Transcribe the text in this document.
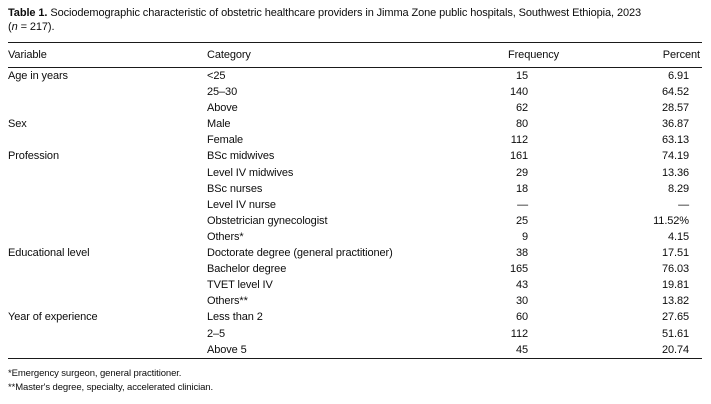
Table 1. Sociodemographic characteristic of obstetric healthcare providers in Jimma Zone public hospitals, Southwest Ethiopia, 2023
(n = 217).
Variable	Category	Frequency	Percent
Age in years	<25	15	6.91
	25–30	140	64.52
	Above	62	28.57
Sex	Male	80	36.87
	Female	112	63.13
Profession	BSc midwives	161	74.19
	Level IV midwives	29	13.36
	BSc nurses	18	8.29
	Level IV nurse	—	—
	Obstetrician gynecologist	25	11.52%
	Others*	9	4.15
Educational level	Doctorate degree (general practitioner)	38	17.51
	Bachelor degree	165	76.03
	TVET level IV	43	19.81
	Others**	30	13.82
Year of experience	Less than 2	60	27.65
	2–5	112	51.61
	Above 5	45	20.74
*Emergency surgeon, general practitioner.
**Master's degree, specialty, accelerated clinician.
